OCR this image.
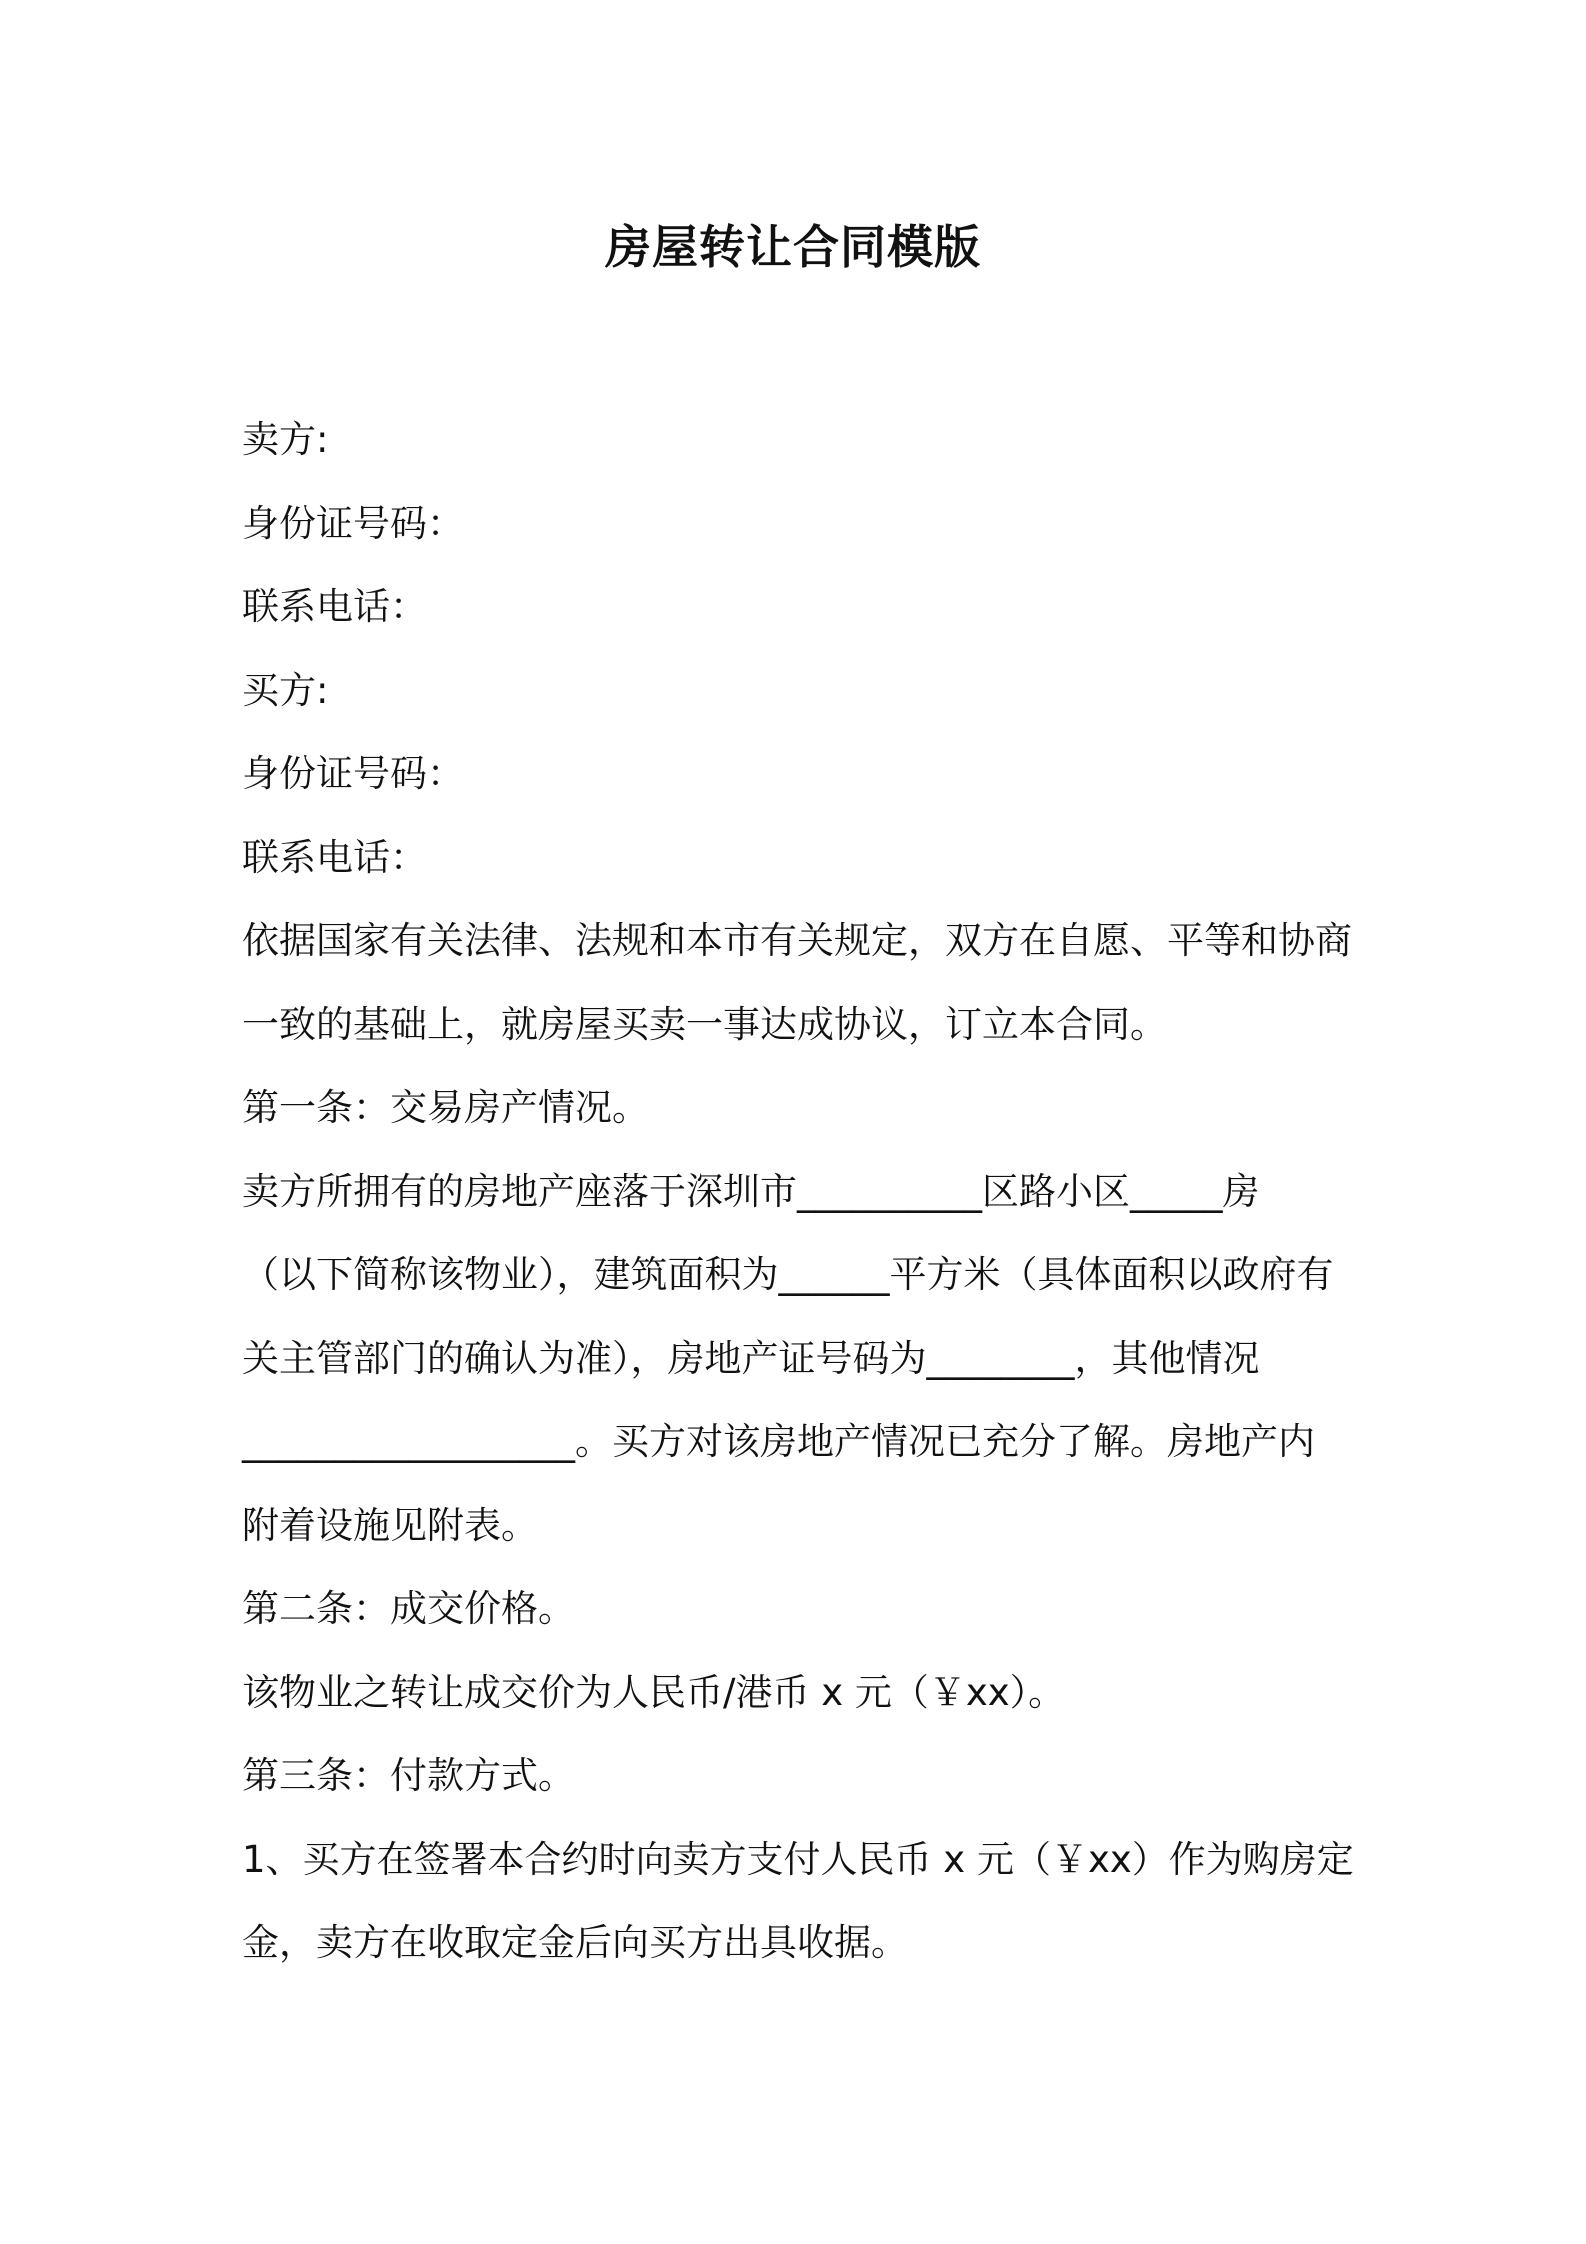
房屋转让合同模版
卖方:
身份证号码：
联系电话：
买方:
身份证号码：
联系电话：
依据国家有关法律、法规和本市有关规定，双方在自愿、平等和协商
一致的基础上，就房屋买卖一事达成协议，订立本合同。
第一条：交易房产情况。
卖方所拥有的房地产座落于深圳市__________区路小区_____房
（以下简称该物业），建筑面积为______平方米（具体面积以政府有
关主管部门的确认为准），房地产证号码为________，其他情况
__________________。买方对该房地产情况已充分了解。房地产内
附着设施见附表。
第二条：成交价格。
该物业之转让成交价为人民币/港币 x 元（￥xx）。
第三条：付款方式。
1、买方在签署本合约时向卖方支付人民币 x 元（￥xx）作为购房定
金，卖方在收取定金后向买方出具收据。
